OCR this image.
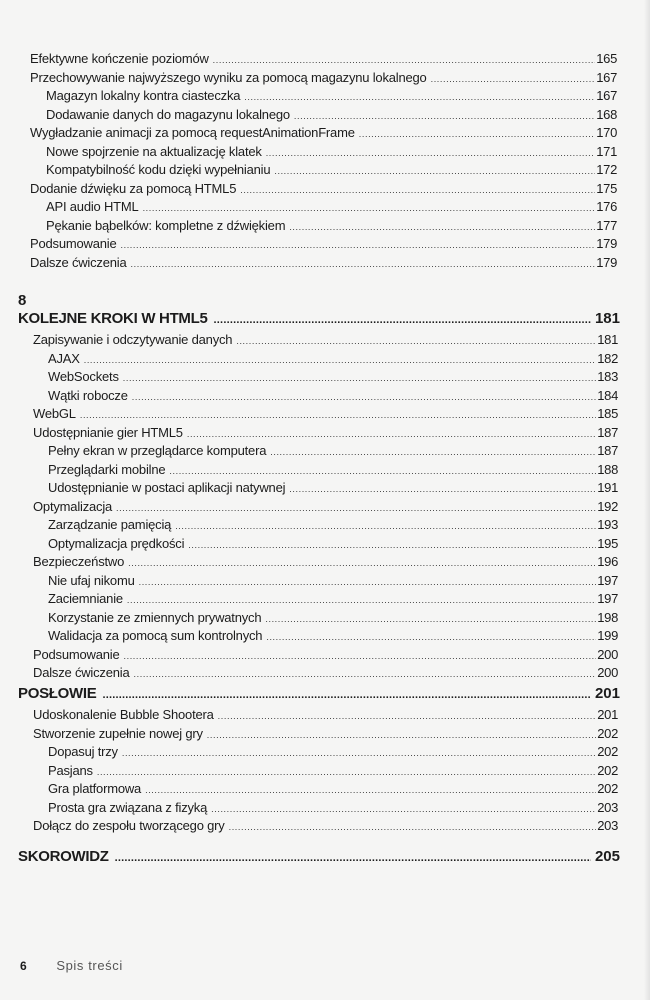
Efektywne kończenie poziomów .....	165
Przechowywanie najwyższego wyniku za pomocą magazynu lokalnego .....	167
Magazyn lokalny kontra ciasteczka .....	167
Dodawanie danych do magazynu lokalnego .....	168
Wygładzanie animacji za pomocą requestAnimationFrame .....	170
Nowe spojrzenie na aktualizację klatek .....	171
Kompatybilność kodu dzięki wypełnianiu .....	172
Dodanie dźwięku za pomocą HTML5 .....	175
API audio HTML .....	176
Pękanie bąbelków: kompletne z dźwiękiem .....	177
Podsumowanie .....	179
Dalsze ćwiczenia .....	179
8
KOLEJNE KROKI W HTML5 .....	181
Zapisywanie i odczytywanie danych .....	181
AJAX .....	182
WebSockets .....	183
Wątki robocze .....	184
WebGL .....	185
Udostępnianie gier HTML5 .....	187
Pełny ekran w przeglądarce komputera .....	187
Przeglądarki mobilne .....	188
Udostępnianie w postaci aplikacji natywnej .....	191
Optymalizacja .....	192
Zarządzanie pamięcią .....	193
Optymalizacja prędkości .....	195
Bezpieczeństwo .....	196
Nie ufaj nikomu .....	197
Zaciemnianie .....	197
Korzystanie ze zmiennych prywatnych .....	198
Walidacja za pomocą sum kontrolnych .....	199
Podsumowanie .....	200
Dalsze ćwiczenia .....	200
POSŁOWIE .....	201
Udoskonalenie Bubble Shootera .....	201
Stworzenie zupełnie nowej gry .....	202
Dopasuj trzy .....	202
Pasjans .....	202
Gra platformowa .....	202
Prosta gra związana z fizyką .....	203
Dołącz do zespołu tworzącego gry .....	203
SKOROWIDZ .....	205
6 Spis treści
